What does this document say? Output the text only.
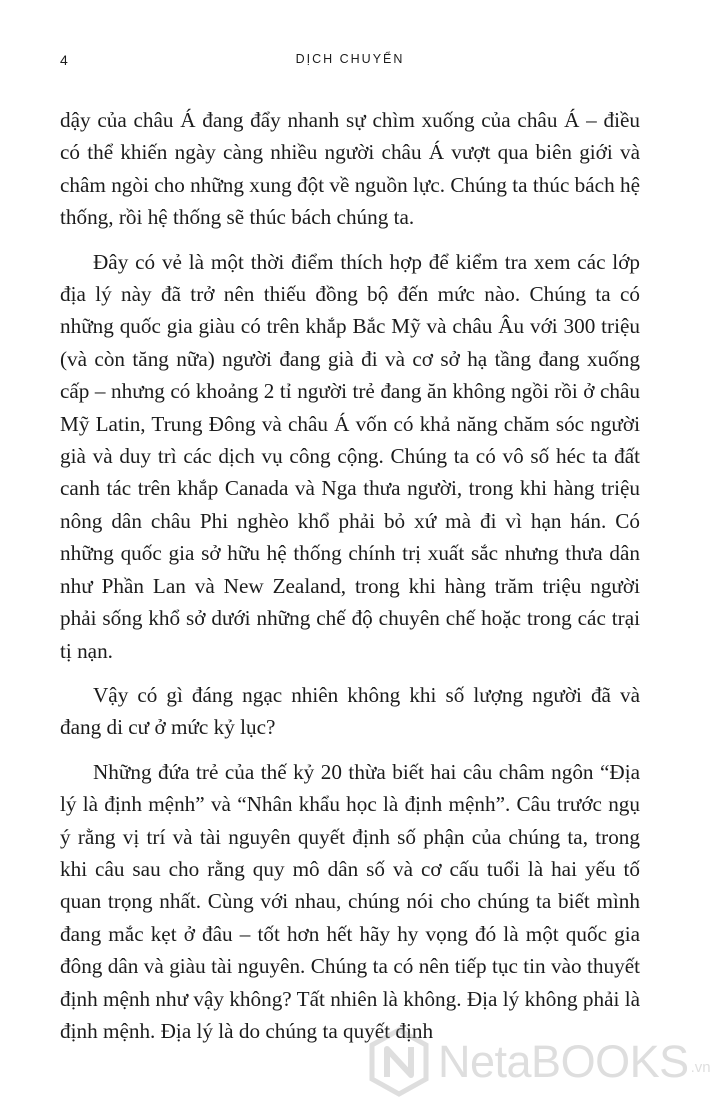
4	DỊCH CHUYỂN

dậy của châu Á đang đẩy nhanh sự chìm xuống của châu Á – điều có thể khiến ngày càng nhiều người châu Á vượt qua biên giới và châm ngòi cho những xung đột về nguồn lực. Chúng ta thúc bách hệ thống, rồi hệ thống sẽ thúc bách chúng ta.

Đây có vẻ là một thời điểm thích hợp để kiểm tra xem các lớp địa lý này đã trở nên thiếu đồng bộ đến mức nào. Chúng ta có những quốc gia giàu có trên khắp Bắc Mỹ và châu Âu với 300 triệu (và còn tăng nữa) người đang già đi và cơ sở hạ tầng đang xuống cấp – nhưng có khoảng 2 tỉ người trẻ đang ăn không ngồi rồi ở châu Mỹ Latin, Trung Đông và châu Á vốn có khả năng chăm sóc người già và duy trì các dịch vụ công cộng. Chúng ta có vô số héc ta đất canh tác trên khắp Canada và Nga thưa người, trong khi hàng triệu nông dân châu Phi nghèo khổ phải bỏ xứ mà đi vì hạn hán. Có những quốc gia sở hữu hệ thống chính trị xuất sắc nhưng thưa dân như Phần Lan và New Zealand, trong khi hàng trăm triệu người phải sống khổ sở dưới những chế độ chuyên chế hoặc trong các trại tị nạn.

Vậy có gì đáng ngạc nhiên không khi số lượng người đã và đang di cư ở mức kỷ lục?

Những đứa trẻ của thế kỷ 20 thừa biết hai câu châm ngôn “Địa lý là định mệnh” và “Nhân khẩu học là định mệnh”. Câu trước ngụ ý rằng vị trí và tài nguyên quyết định số phận của chúng ta, trong khi câu sau cho rằng quy mô dân số và cơ cấu tuổi là hai yếu tố quan trọng nhất. Cùng với nhau, chúng nói cho chúng ta biết mình đang mắc kẹt ở đâu – tốt hơn hết hãy hy vọng đó là một quốc gia đông dân và giàu tài nguyên. Chúng ta có nên tiếp tục tin vào thuyết định mệnh như vậy không? Tất nhiên là không. Địa lý không phải là định mệnh. Địa lý là do chúng ta quyết định

NetaBOOKS .vn
